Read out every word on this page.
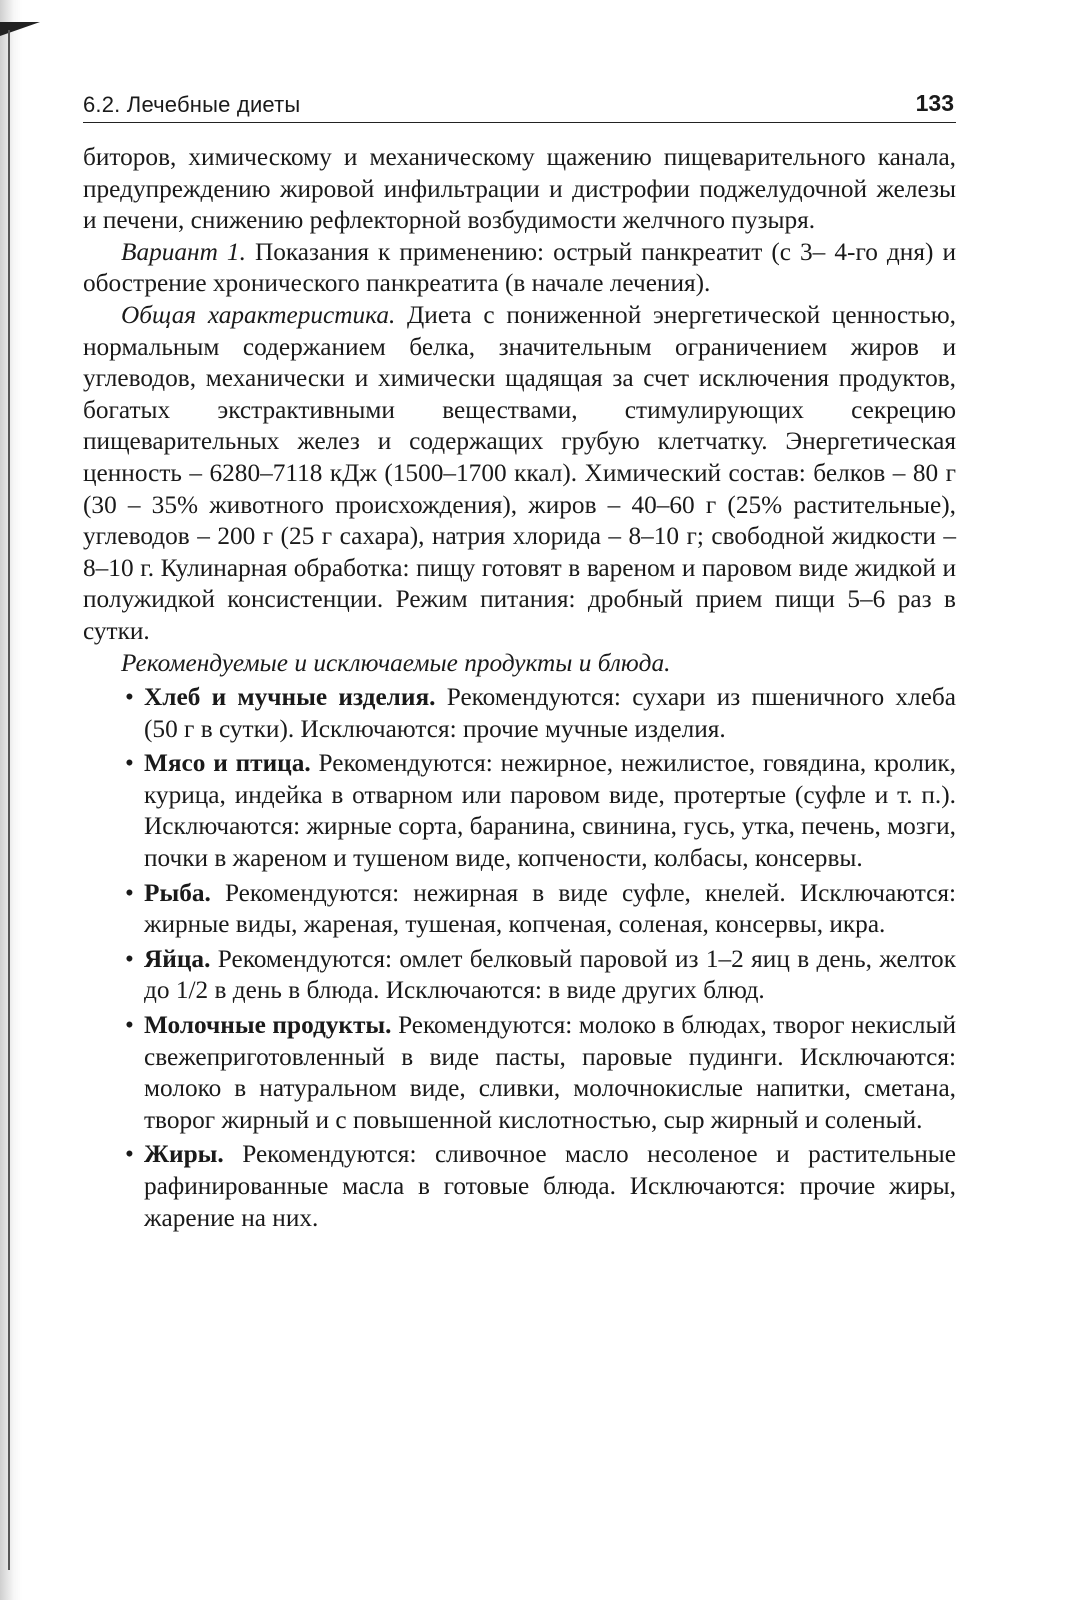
6.2. Лечебные диеты	133

биторов, химическому и механическому щажению пищеварительного канала, предупреждению жировой инфильтрации и дистрофии поджелудочной железы и печени, снижению рефлекторной возбудимости желчного пузыря.

Вариант 1. Показания к применению: острый панкреатит (с 3– 4-го дня) и обострение хронического панкреатита (в начале лечения).

Общая характеристика. Диета с пониженной энергетической ценностью, нормальным содержанием белка, значительным ограничением жиров и углеводов, механически и химически щадящая за счет исключения продуктов, богатых экстрактивными веществами, стимулирующих секрецию пищеварительных желез и содержащих грубую клетчатку. Энергетическая ценность – 6280–7118 кДж (1500–1700 ккал). Химический состав: белков – 80 г (30 – 35% животного происхождения), жиров – 40–60 г (25% растительные), углеводов – 200 г (25 г сахара), натрия хлорида – 8–10 г; свободной жидкости – 8–10 г. Кулинарная обработка: пищу готовят в вареном и паровом виде жидкой и полужидкой консистенции. Режим питания: дробный прием пищи 5–6 раз в сутки.

Рекомендуемые и исключаемые продукты и блюда.

• Хлеб и мучные изделия. Рекомендуются: сухари из пшеничного хлеба (50 г в сутки). Исключаются: прочие мучные изделия.
• Мясо и птица. Рекомендуются: нежирное, нежилистое, говядина, кролик, курица, индейка в отварном или паровом виде, протертые (суфле и т. п.). Исключаются: жирные сорта, баранина, свинина, гусь, утка, печень, мозги, почки в жареном и тушеном виде, копчености, колбасы, консервы.
• Рыба. Рекомендуются: нежирная в виде суфле, кнелей. Исключаются: жирные виды, жареная, тушеная, копченая, соленая, консервы, икра.
• Яйца. Рекомендуются: омлет белковый паровой из 1–2 яиц в день, желток до 1/2 в день в блюда. Исключаются: в виде других блюд.
• Молочные продукты. Рекомендуются: молоко в блюдах, творог некислый свежеприготовленный в виде пасты, паровые пудинги. Исключаются: молоко в натуральном виде, сливки, молочнокислые напитки, сметана, творог жирный и с повышенной кислотностью, сыр жирный и соленый.
• Жиры. Рекомендуются: сливочное масло несоленое и растительные рафинированные масла в готовые блюда. Исключаются: прочие жиры, жарение на них.
